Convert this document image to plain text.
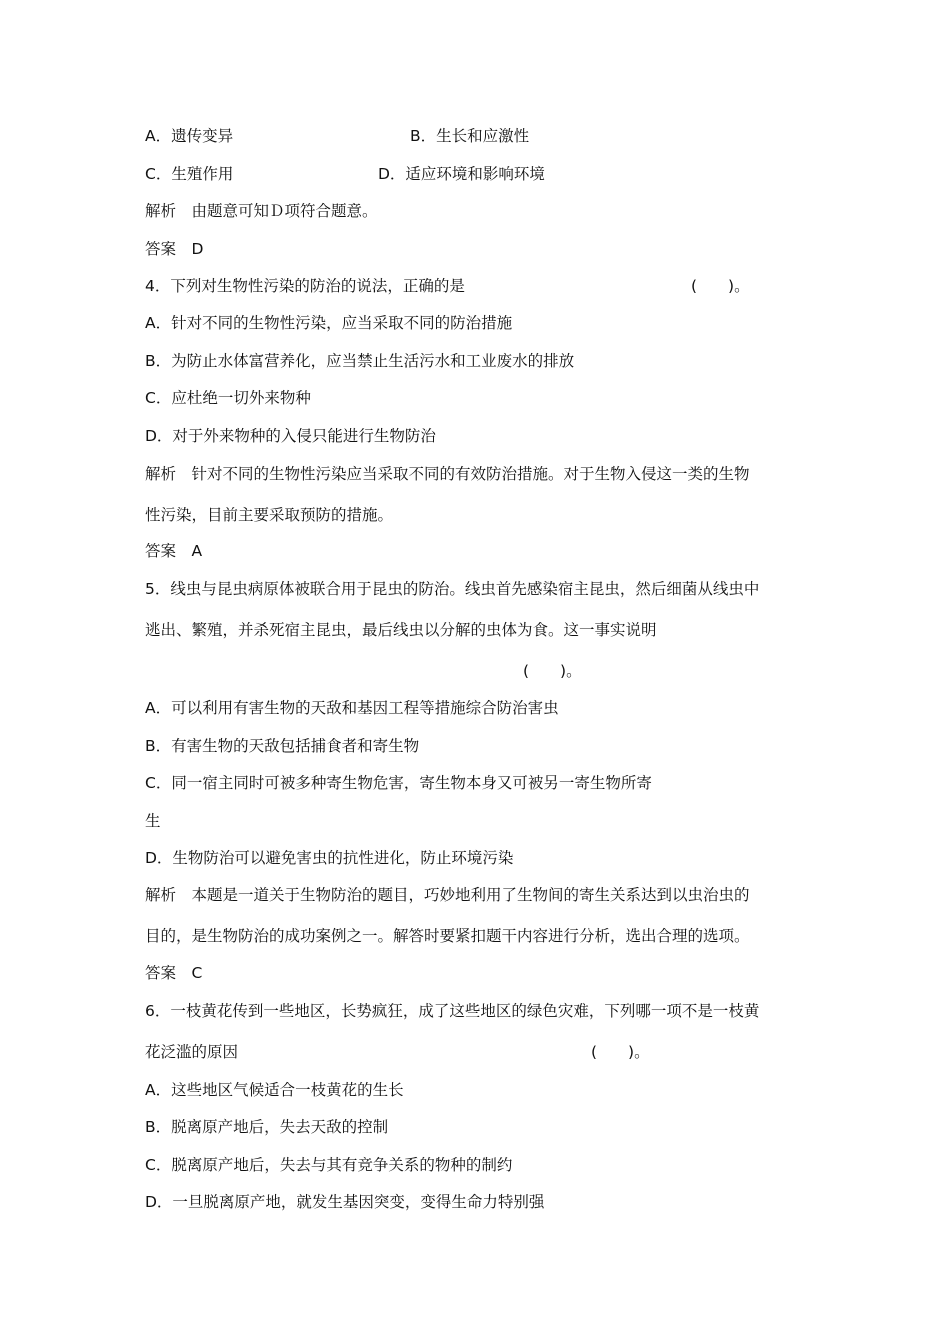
A．遗传变异	B．生长和应激性
C．生殖作用	D．适应环境和影响环境
解析　由题意可知Ｄ项符合题意。
答案　D
4．下列对生物性污染的防治的说法，正确的是	(　　)。
A．针对不同的生物性污染，应当采取不同的防治措施
B．为防止水体富营养化，应当禁止生活污水和工业废水的排放
C．应杜绝一切外来物种
D．对于外来物种的入侵只能进行生物防治
解析　针对不同的生物性污染应当采取不同的有效防治措施。对于生物入侵这一类的生物
性污染，目前主要采取预防的措施。
答案　A
5．线虫与昆虫病原体被联合用于昆虫的防治。线虫首先感染宿主昆虫，然后细菌从线虫中
逃出、繁殖，并杀死宿主昆虫，最后线虫以分解的虫体为食。这一事实说明
(　　)。
A．可以利用有害生物的天敌和基因工程等措施综合防治害虫
B．有害生物的天敌包括捕食者和寄生物
C．同一宿主同时可被多种寄生物危害，寄生物本身又可被另一寄生物所寄
生
D．生物防治可以避免害虫的抗性进化，防止环境污染
解析　本题是一道关于生物防治的题目，巧妙地利用了生物间的寄生关系达到以虫治虫的
目的，是生物防治的成功案例之一。解答时要紧扣题干内容进行分析，选出合理的选项。
答案　C
6．一枝黄花传到一些地区，长势疯狂，成了这些地区的绿色灾难，下列哪一项不是一枝黄
花泛滥的原因	(　　)。
A．这些地区气候适合一枝黄花的生长
B．脱离原产地后，失去天敌的控制
C．脱离原产地后，失去与其有竞争关系的物种的制约
D．一旦脱离原产地，就发生基因突变，变得生命力特别强
